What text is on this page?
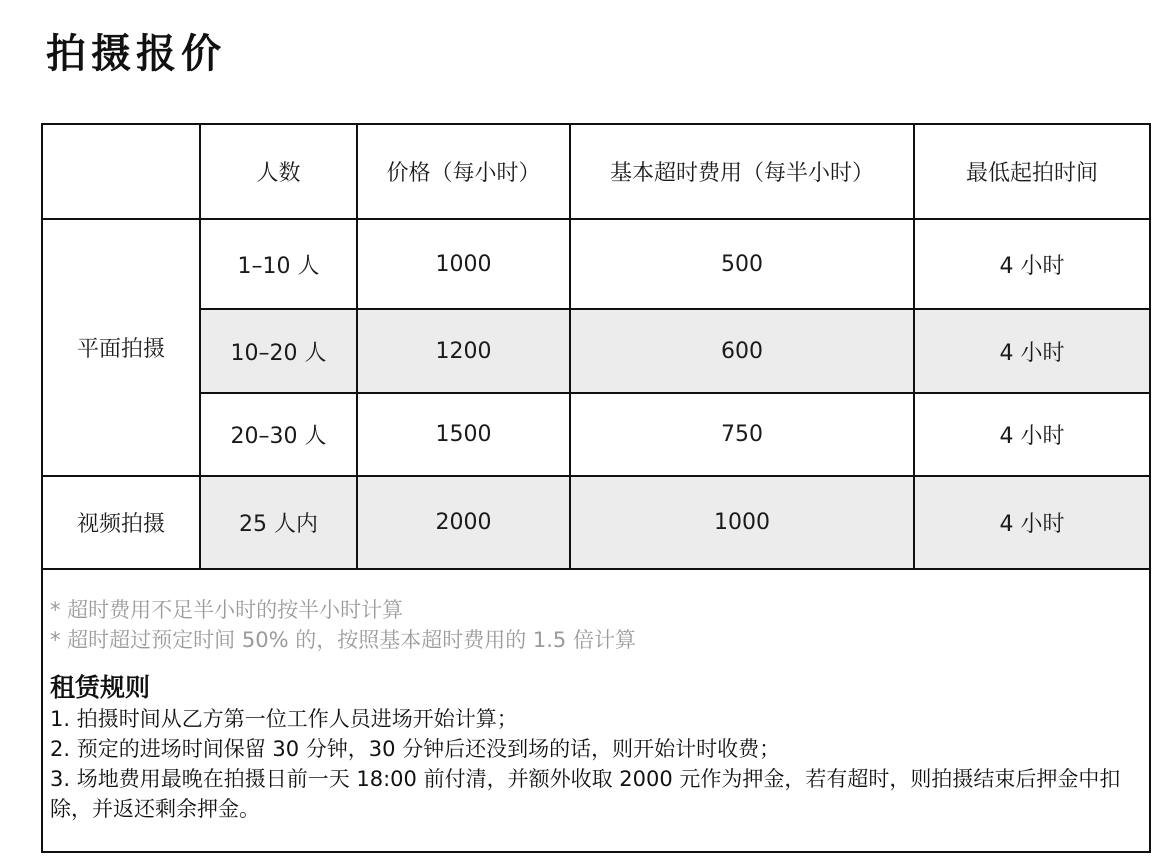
拍摄报价
	人数	价格（每小时）	基本超时费用（每半小时）	最低起拍时间
平面拍摄	1–10 人	1000	500	4 小时
	10–20 人	1200	600	4 小时
	20–30 人	1500	750	4 小时
视频拍摄	25 人内	2000	1000	4 小时
* 超时费用不足半小时的按半小时计算
* 超时超过预定时间 50% 的，按照基本超时费用的 1.5 倍计算
租赁规则
1. 拍摄时间从乙方第一位工作人员进场开始计算；
2. 预定的进场时间保留 30 分钟，30 分钟后还没到场的话，则开始计时收费；
3. 场地费用最晚在拍摄日前一天 18:00 前付清，并额外收取 2000 元作为押金，若有超时，则拍摄结束后押金中扣除，并返还剩余押金。
